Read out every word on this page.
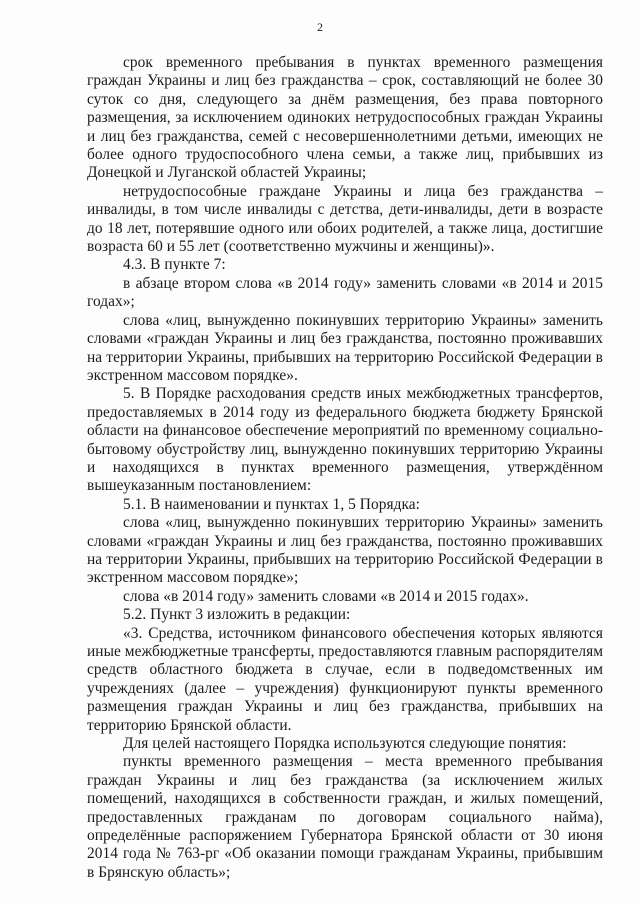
2

срок временного пребывания в пунктах временного размещения граждан Украины и лиц без гражданства – срок, составляющий не более 30 суток со дня, следующего за днём размещения, без права повторного размещения, за исключением одиноких нетрудоспособных граждан Украины и лиц без гражданства, семей с несовершеннолетними детьми, имеющих не более одного трудоспособного члена семьи, а также лиц, прибывших из Донецкой и Луганской областей Украины;

нетрудоспособные граждане Украины и лица без гражданства – инвалиды, в том числе инвалиды с детства, дети-инвалиды, дети в возрасте до 18 лет, потерявшие одного или обоих родителей, а также лица, достигшие возраста 60 и 55 лет (соответственно мужчины и женщины)».

4.3. В пункте 7:

в абзаце втором слова «в 2014 году» заменить словами «в 2014 и 2015 годах»;

слова «лиц, вынужденно покинувших территорию Украины» заменить словами «граждан Украины и лиц без гражданства, постоянно проживавших на территории Украины, прибывших на территорию Российской Федерации в экстренном массовом порядке».

5. В Порядке расходования средств иных межбюджетных трансфертов, предоставляемых в 2014 году из федерального бюджета бюджету Брянской области на финансовое обеспечение мероприятий по временному социально-бытовому обустройству лиц, вынужденно покинувших территорию Украины и находящихся в пунктах временного размещения, утверждённом вышеуказанным постановлением:

5.1. В наименовании и пунктах 1, 5 Порядка:

слова «лиц, вынужденно покинувших территорию Украины» заменить словами «граждан Украины и лиц без гражданства, постоянно проживавших на территории Украины, прибывших на территорию Российской Федерации в экстренном массовом порядке»;

слова «в 2014 году» заменить словами «в 2014 и 2015 годах».

5.2. Пункт 3 изложить в редакции:

«3. Средства, источником финансового обеспечения которых являются иные межбюджетные трансферты, предоставляются главным распорядителям средств областного бюджета в случае, если в подведомственных им учреждениях (далее – учреждения) функционируют пункты временного размещения граждан Украины и лиц без гражданства, прибывших на территорию Брянской области.

Для целей настоящего Порядка используются следующие понятия:

пункты временного размещения – места временного пребывания граждан Украины и лиц без гражданства (за исключением жилых помещений, находящихся в собственности граждан, и жилых помещений, предоставленных гражданам по договорам социального найма), определённые распоряжением Губернатора Брянской области от 30 июня 2014 года № 763-рг «Об оказании помощи гражданам Украины, прибывшим в Брянскую область»;
